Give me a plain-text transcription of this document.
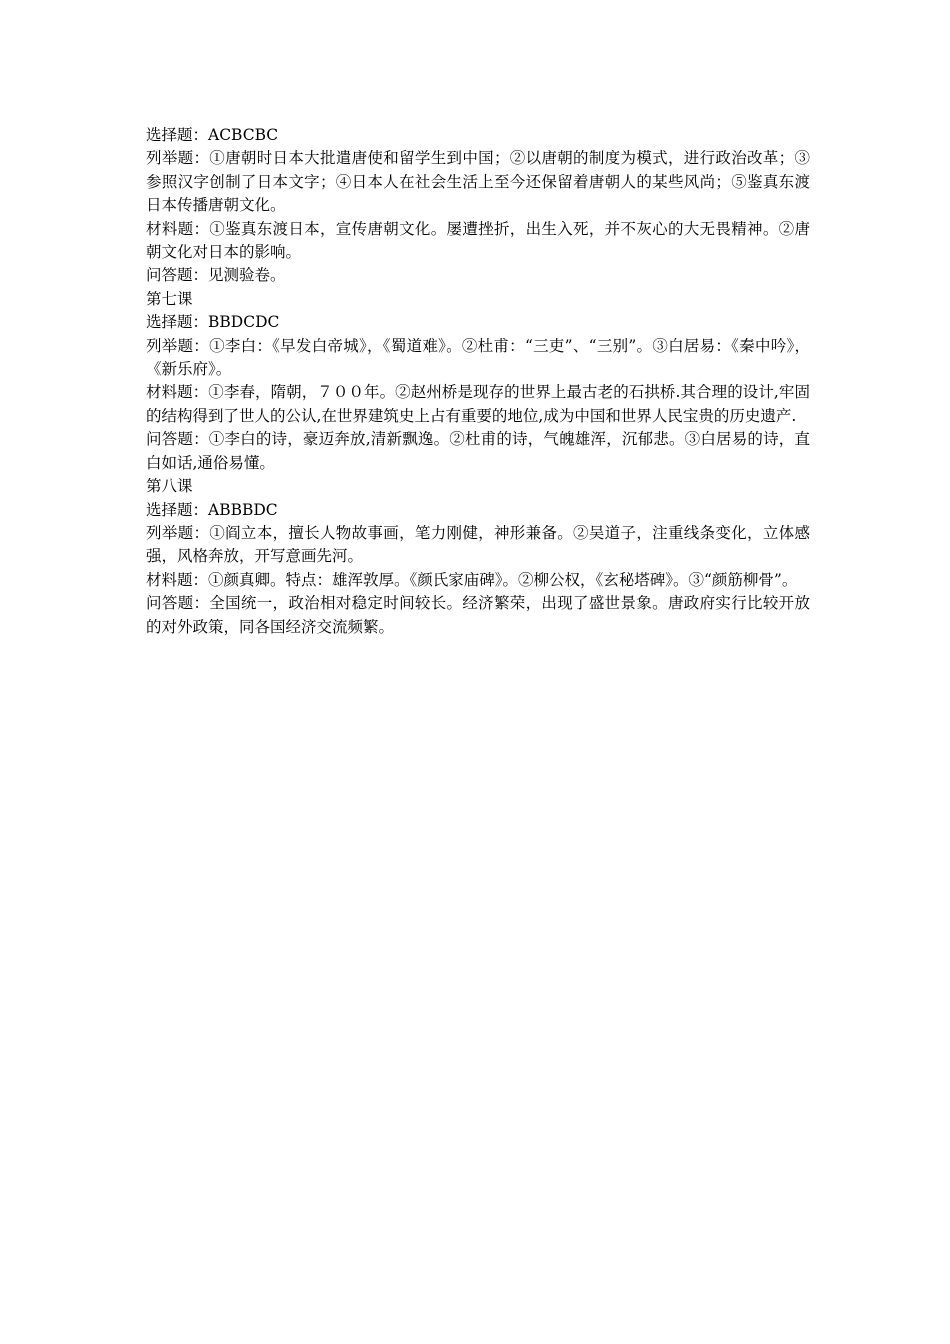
选择题：ACBCBC

列举题：①唐朝时日本大批遣唐使和留学生到中国；②以唐朝的制度为模式，进行政治改革；③参照汉字创制了日本文字；④日本人在社会生活上至今还保留着唐朝人的某些风尚；⑤鉴真东渡日本传播唐朝文化。

材料题：①鉴真东渡日本，宣传唐朝文化。屡遭挫折，出生入死，并不灰心的大无畏精神。②唐朝文化对日本的影响。

问答题：见测验卷。

第七课

选择题：BBDCDC

列举题：①李白：《早发白帝城》，《蜀道难》。②杜甫：“三吏”、“三别”。③白居易：《秦中吟》，《新乐府》。

材料题：①李春，隋朝，７００年。②赵州桥是现存的世界上最古老的石拱桥.其合理的设计,牢固的结构得到了世人的公认,在世界建筑史上占有重要的地位,成为中国和世界人民宝贵的历史遗产.

问答题：①李白的诗，豪迈奔放,清新飘逸。②杜甫的诗，气魄雄浑，沉郁悲。③白居易的诗，直白如话,通俗易懂。

第八课

选择题：ABBBDC

列举题：①阎立本，擅长人物故事画，笔力刚健，神形兼备。②吴道子，注重线条变化，立体感强，风格奔放，开写意画先河。

材料题：①颜真卿。特点：雄浑敦厚。《颜氏家庙碑》。②柳公权，《玄秘塔碑》。③“颜筋柳骨”。

问答题：全国统一，政治相对稳定时间较长。经济繁荣，出现了盛世景象。唐政府实行比较开放的对外政策，同各国经济交流频繁。
